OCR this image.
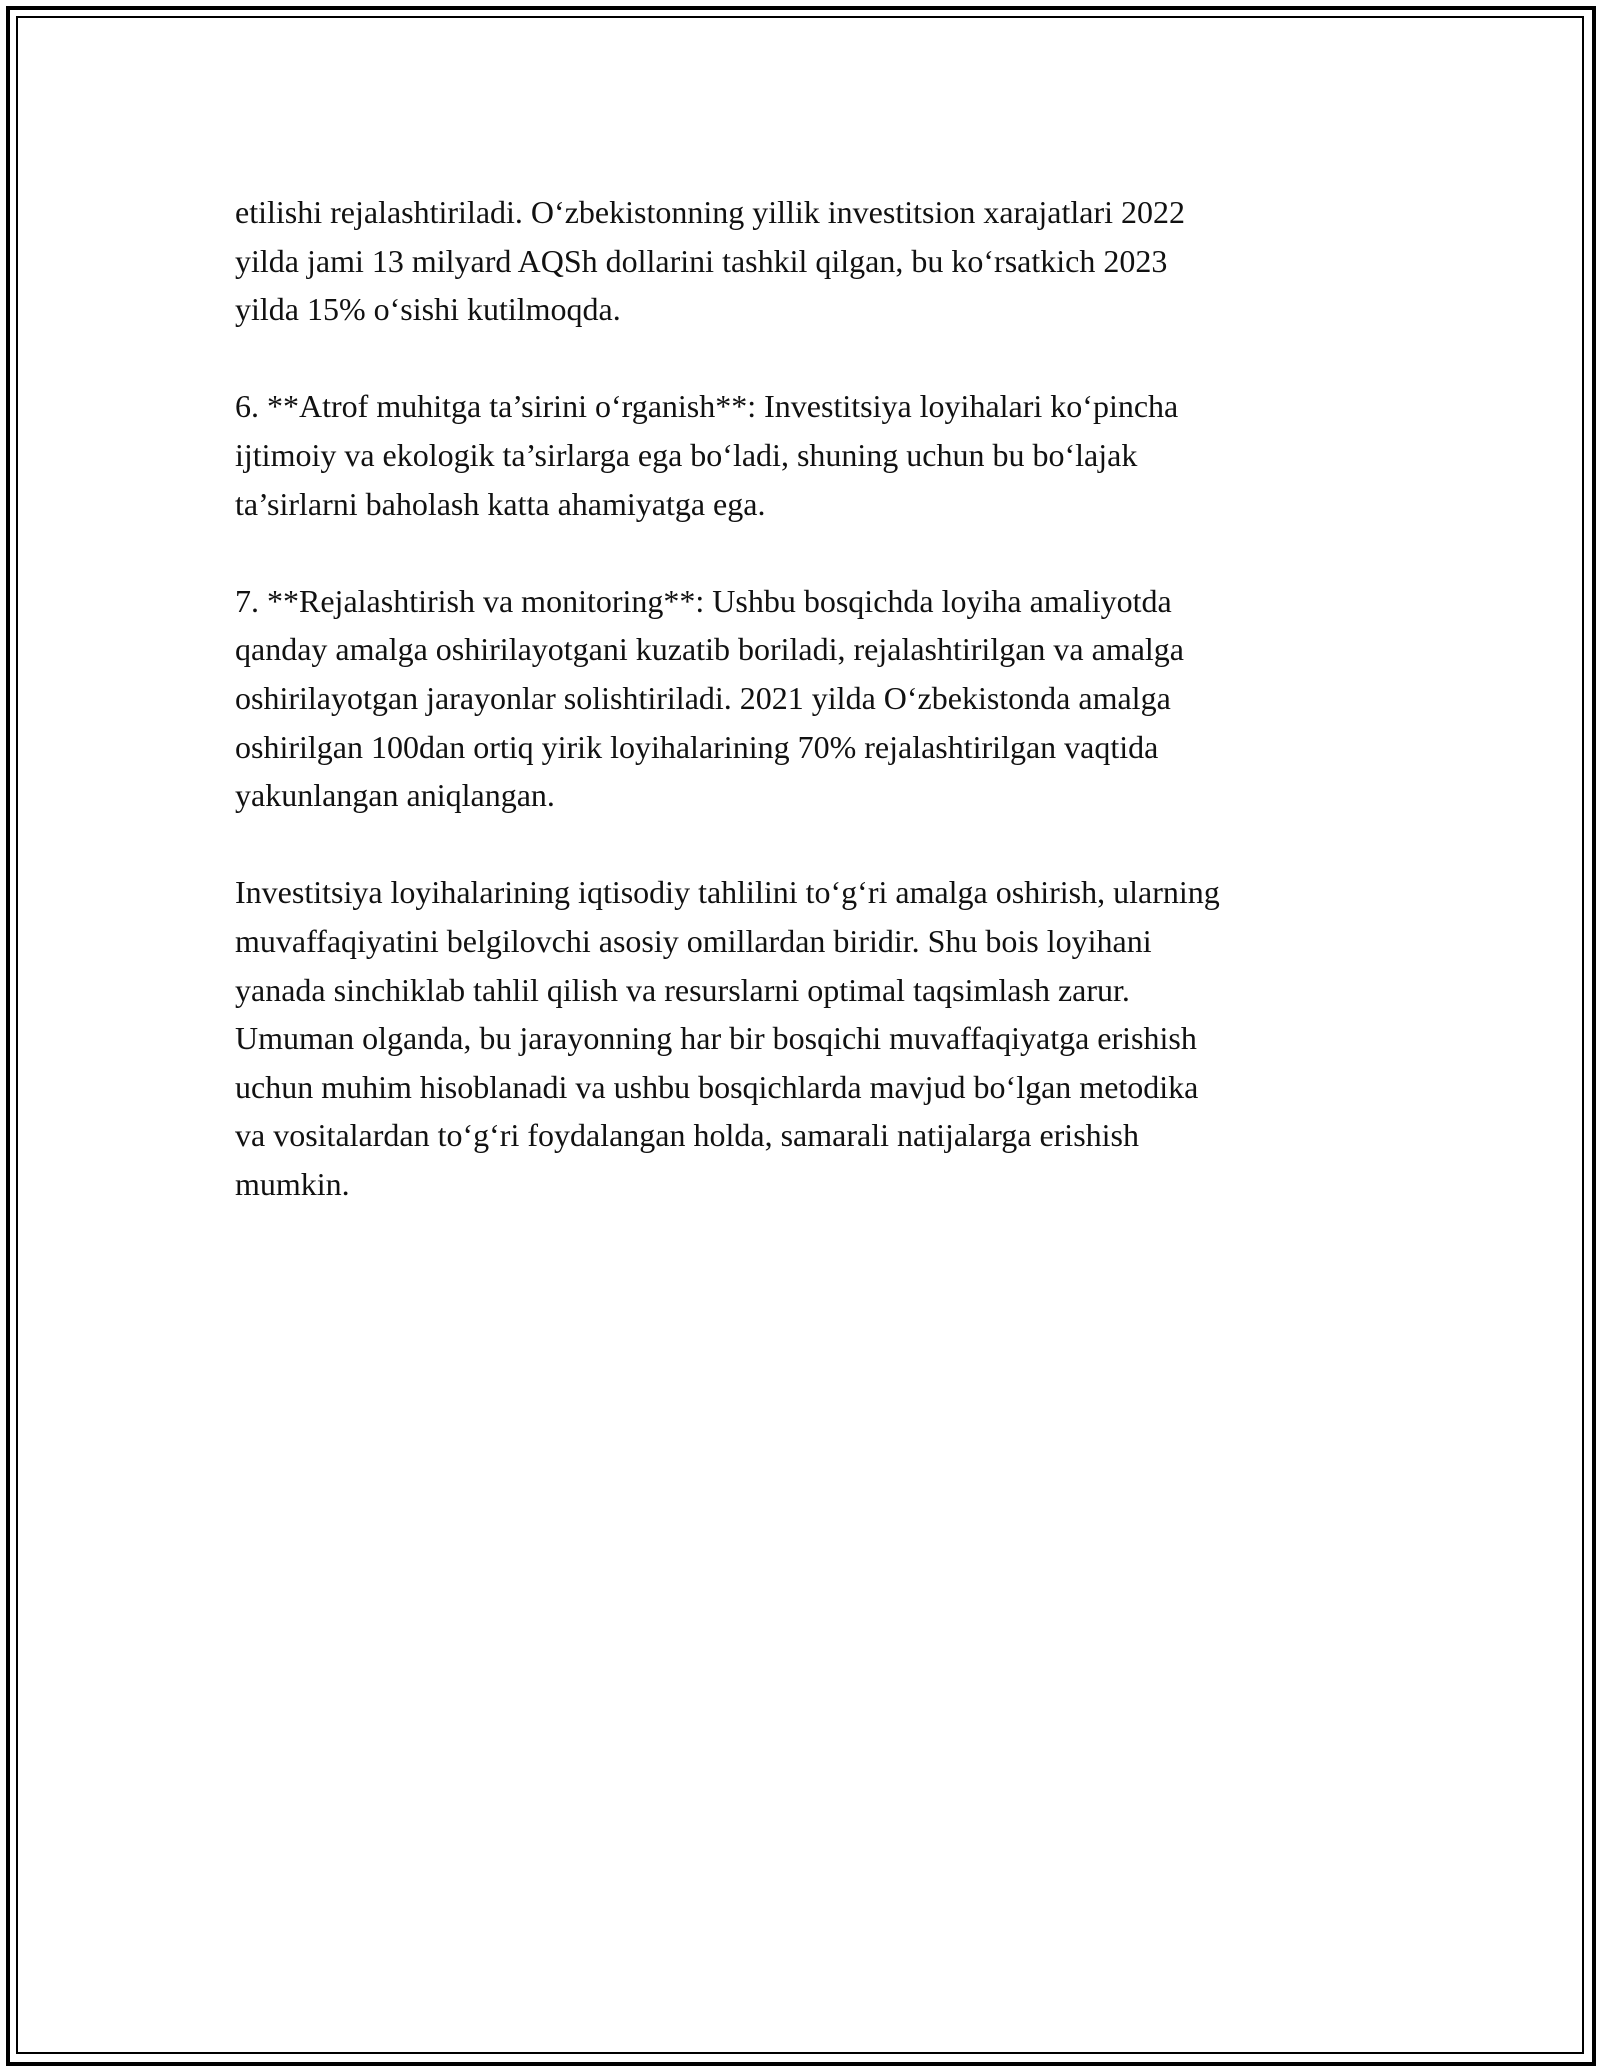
etilishi rejalashtiriladi. O‘zbekistonning yillik investitsion xarajatlari 2022
yilda jami 13 milyard AQSh dollarini tashkil qilgan, bu ko‘rsatkich 2023
yilda 15% o‘sishi kutilmoqda.

6. **Atrof muhitga ta’sirini o‘rganish**: Investitsiya loyihalari ko‘pincha
ijtimoiy va ekologik ta’sirlarga ega bo‘ladi, shuning uchun bu bo‘lajak
ta’sirlarni baholash katta ahamiyatga ega.

7. **Rejalashtirish va monitoring**: Ushbu bosqichda loyiha amaliyotda
qanday amalga oshirilayotgani kuzatib boriladi, rejalashtirilgan va amalga
oshirilayotgan jarayonlar solishtiriladi. 2021 yilda O‘zbekistonda amalga
oshirilgan 100dan ortiq yirik loyihalarining 70% rejalashtirilgan vaqtida
yakunlangan aniqlangan.

Investitsiya loyihalarining iqtisodiy tahlilini to‘g‘ri amalga oshirish, ularning
muvaffaqiyatini belgilovchi asosiy omillardan biridir. Shu bois loyihani
yanada sinchiklab tahlil qilish va resurslarni optimal taqsimlash zarur.
Umuman olganda, bu jarayonning har bir bosqichi muvaffaqiyatga erishish
uchun muhim hisoblanadi va ushbu bosqichlarda mavjud bo‘lgan metodika
va vositalardan to‘g‘ri foydalangan holda, samarali natijalarga erishish
mumkin.
